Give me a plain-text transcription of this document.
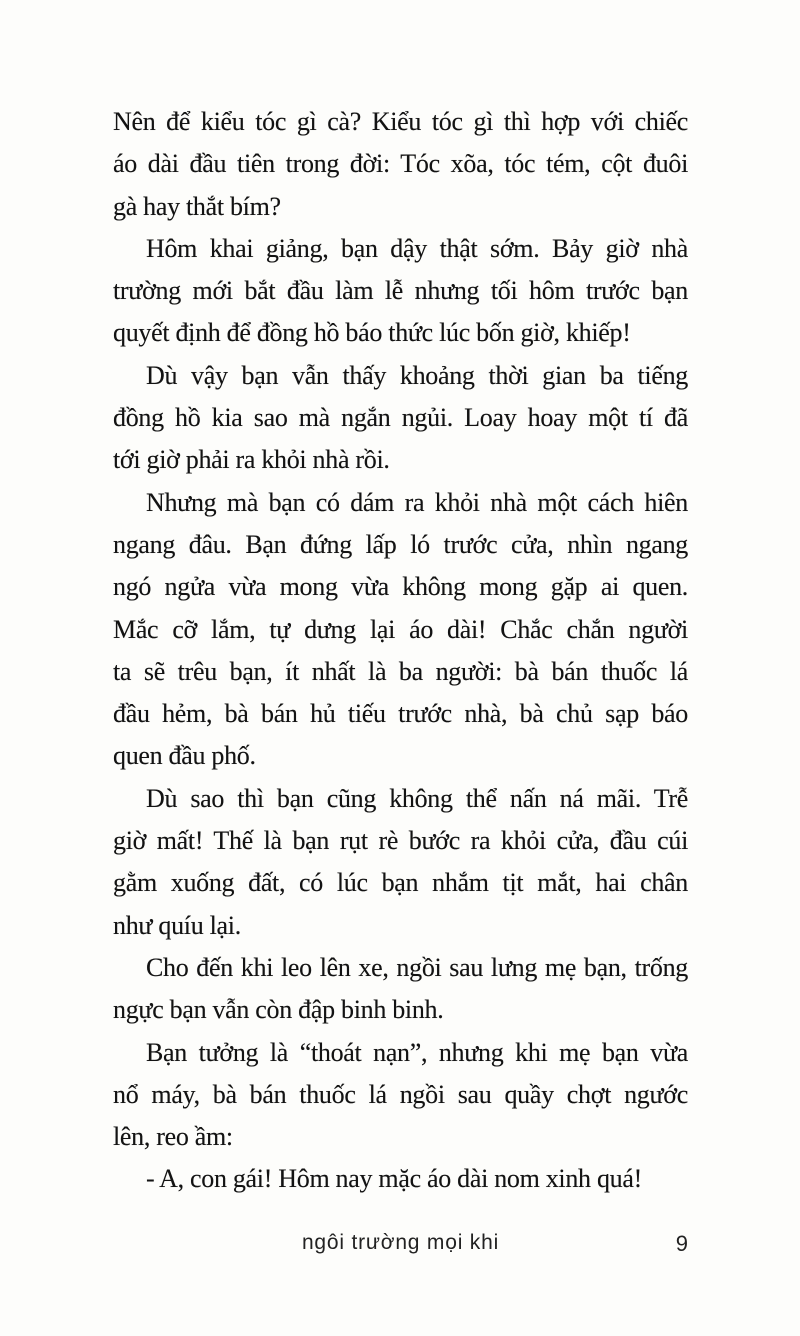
Nên để kiểu tóc gì cà? Kiểu tóc gì thì hợp với chiếc
áo dài đầu tiên trong đời: Tóc xõa, tóc tém, cột đuôi
gà hay thắt bím?
Hôm khai giảng, bạn dậy thật sớm. Bảy giờ nhà
trường mới bắt đầu làm lễ nhưng tối hôm trước bạn
quyết định để đồng hồ báo thức lúc bốn giờ, khiếp!
Dù vậy bạn vẫn thấy khoảng thời gian ba tiếng
đồng hồ kia sao mà ngắn ngủi. Loay hoay một tí đã
tới giờ phải ra khỏi nhà rồi.
Nhưng mà bạn có dám ra khỏi nhà một cách hiên
ngang đâu. Bạn đứng lấp ló trước cửa, nhìn ngang
ngó ngửa vừa mong vừa không mong gặp ai quen.
Mắc cỡ lắm, tự dưng lại áo dài! Chắc chắn người
ta sẽ trêu bạn, ít nhất là ba người: bà bán thuốc lá
đầu hẻm, bà bán hủ tiếu trước nhà, bà chủ sạp báo
quen đầu phố.
Dù sao thì bạn cũng không thể nấn ná mãi. Trễ
giờ mất! Thế là bạn rụt rè bước ra khỏi cửa, đầu cúi
gằm xuống đất, có lúc bạn nhắm tịt mắt, hai chân
như quíu lại.
Cho đến khi leo lên xe, ngồi sau lưng mẹ bạn, trống
ngực bạn vẫn còn đập binh binh.
Bạn tưởng là “thoát nạn”, nhưng khi mẹ bạn vừa
nổ máy, bà bán thuốc lá ngồi sau quầy chợt ngước
lên, reo ầm:
- A, con gái! Hôm nay mặc áo dài nom xinh quá!
ngôi trường mọi khi	9
